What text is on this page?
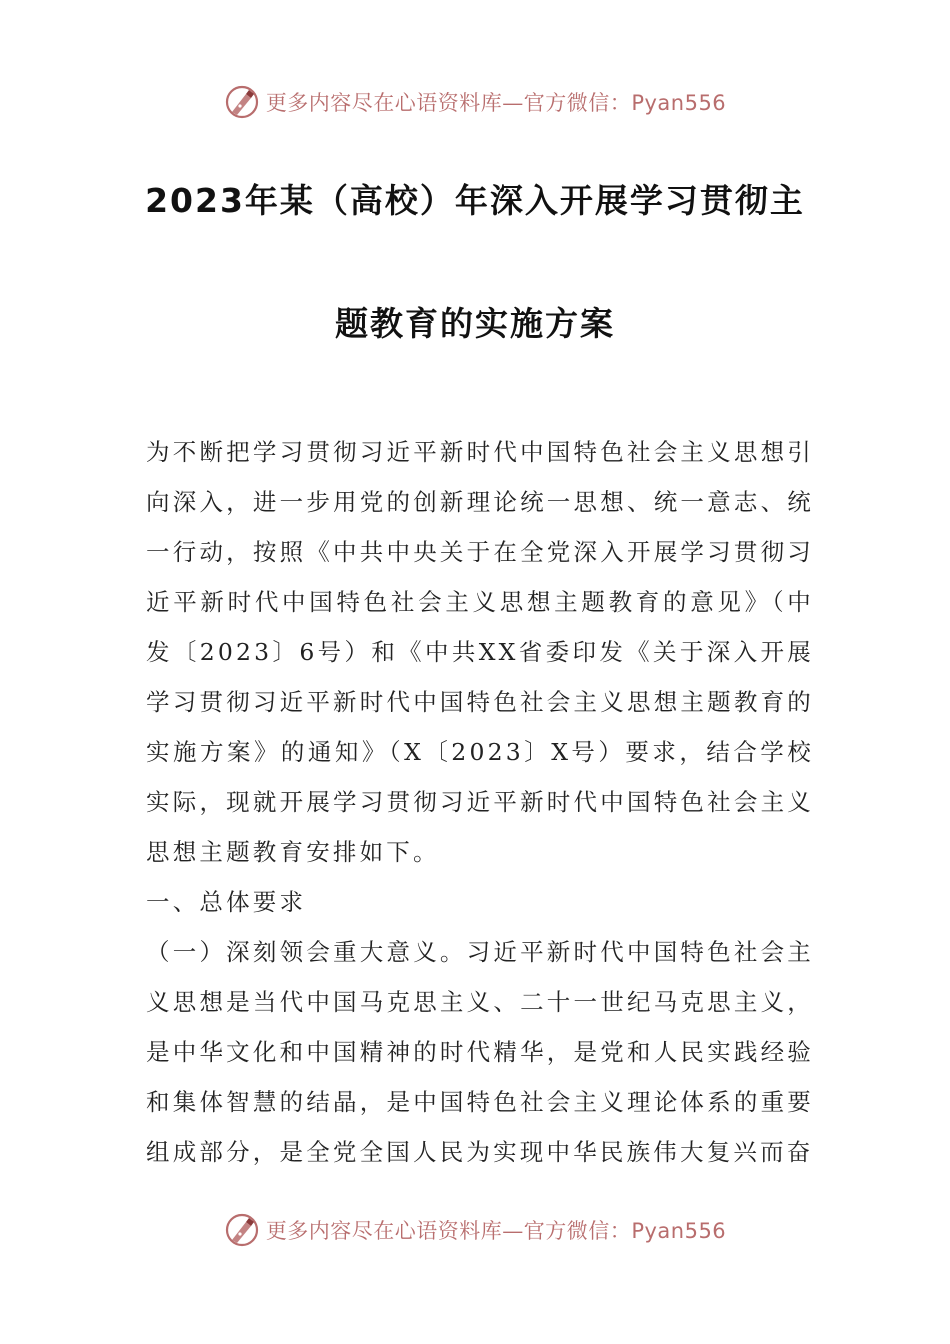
更多内容尽在心语资料库—官方微信：Pyan556
2023年某（高校）年深入开展学习贯彻主
题教育的实施方案

为不断把学习贯彻习近平新时代中国特色社会主义思想引向深入，进一步用党的创新理论统一思想、统一意志、统一行动，按照《中共中央关于在全党深入开展学习贯彻习近平新时代中国特色社会主义思想主题教育的意见》（中发〔2023〕6号）和《中共XX省委印发《关于深入开展学习贯彻习近平新时代中国特色社会主义思想主题教育的实施方案》的通知》（X〔2023〕X号）要求，结合学校实际，现就开展学习贯彻习近平新时代中国特色社会主义思想主题教育安排如下。

一、总体要求

（一）深刻领会重大意义。习近平新时代中国特色社会主义思想是当代中国马克思主义、二十一世纪马克思主义，是中华文化和中国精神的时代精华，是党和人民实践经验和集体智慧的结晶，是中国特色社会主义理论体系的重要组成部分，是全党全国人民为实现中华民族伟大复兴而奋

更多内容尽在心语资料库—官方微信：Pyan556
